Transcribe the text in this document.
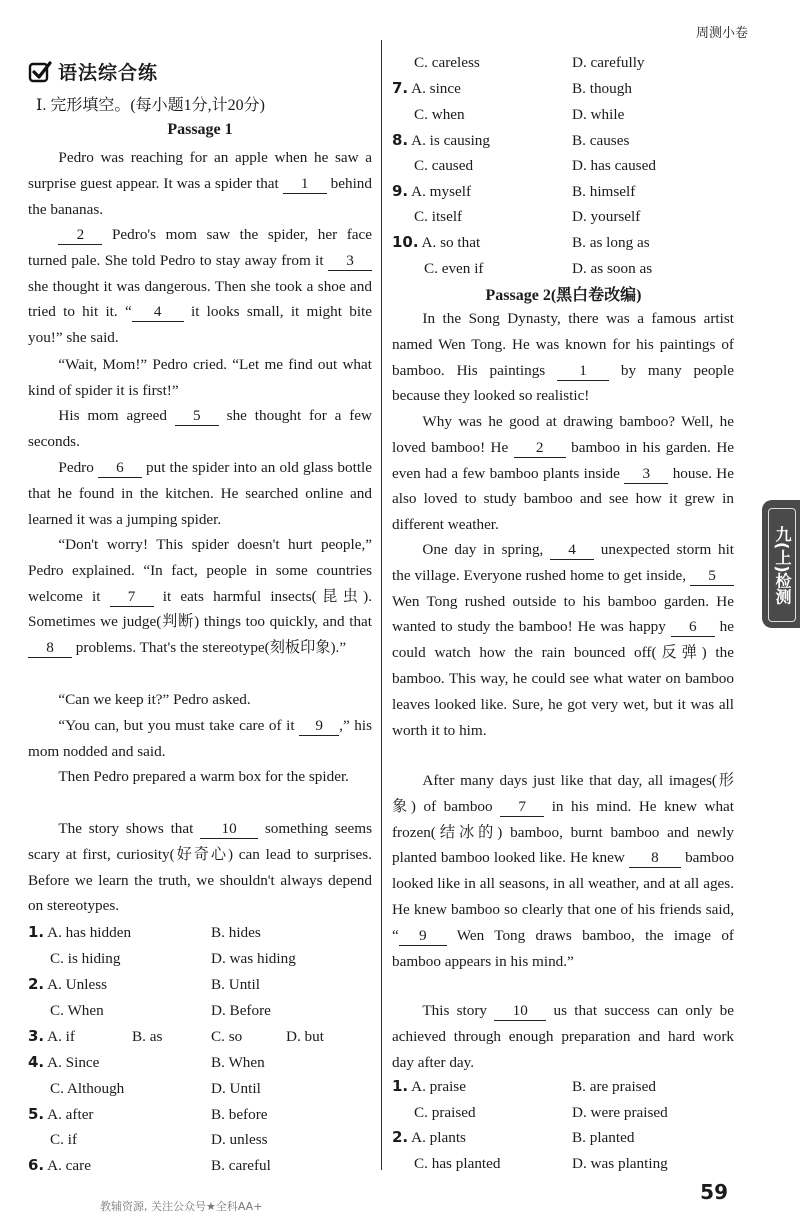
周测小卷
语法综合练
Ⅰ. 完形填空。(每小题1分,计20分)
Passage 1

Pedro was reaching for an apple when he saw a surprise guest appear. It was a spider that 1 behind the bananas.

2 Pedro's mom saw the spider, her face turned pale. She told Pedro to stay away from it 3 she thought it was dangerous. Then she took a shoe and tried to hit it. “ 4 it looks small, it might bite you!” she said.

“Wait, Mom!” Pedro cried. “Let me find out what kind of spider it is first!”

His mom agreed 5 she thought for a few seconds.

Pedro 6 put the spider into an old glass bottle that he found in the kitchen. He searched online and learned it was a jumping spider.

“Don't worry! This spider doesn't hurt people,” Pedro explained. “In fact, people in some countries welcome it 7 it eats harmful insects(昆虫). Sometimes we judge(判断) things too quickly, and that 8 problems. That's the stereotype(刻板印象).”

“Can we keep it?” Pedro asked.

“You can, but you must take care of it 9 ,” his mom nodded and said.

Then Pedro prepared a warm box for the spider.

The story shows that 10 something seems scary at first, curiosity(好奇心) can lead to surprises. Before we learn the truth, we shouldn't always depend on stereotypes.

1. A. has hidden	B. hides
C. is hiding	D. was hiding
2. A. Unless	B. Until
C. When	D. Before
3. A. if	B. as	C. so	D. but
4. A. Since	B. When
C. Although	D. Until
5. A. after	B. before
C. if	D. unless
6. A. care	B. careful
C. careless	D. carefully
7. A. since	B. though
C. when	D. while
8. A. is causing	B. causes
C. caused	D. has caused
9. A. myself	B. himself
C. itself	D. yourself
10. A. so that	B. as long as
C. even if	D. as soon as
Passage 2(黑白卷改编)

In the Song Dynasty, there was a famous artist named Wen Tong. He was known for his paintings of bamboo. His paintings 1 by many people because they looked so realistic!

Why was he good at drawing bamboo? Well, he loved bamboo! He 2 bamboo in his garden. He even had a few bamboo plants inside 3 house. He also loved to study bamboo and see how it grew in different weather.

One day in spring, 4 unexpected storm hit the village. Everyone rushed home to get inside, 5 Wen Tong rushed outside to his bamboo garden. He wanted to study the bamboo! He was happy 6 he could watch how the rain bounced off(反弹) the bamboo. This way, he could see what water on bamboo leaves looked like. Sure, he got very wet, but it was all worth it to him.

After many days just like that day, all images(形象) of bamboo 7 in his mind. He knew what frozen(结冰的) bamboo, burnt bamboo and newly planted bamboo looked like. He knew 8 bamboo looked like in all seasons, in all weather, and at all ages. He knew bamboo so clearly that one of his friends said, “ 9 Wen Tong draws bamboo, the image of bamboo appears in his mind.”

This story 10 us that success can only be achieved through enough preparation and hard work day after day.

1. A. praise	B. are praised
C. praised	D. were praised
2. A. plants	B. planted
C. has planted	D. was planting
九(上)检测
教辅资源, 关注公众号★全科AA+
59
